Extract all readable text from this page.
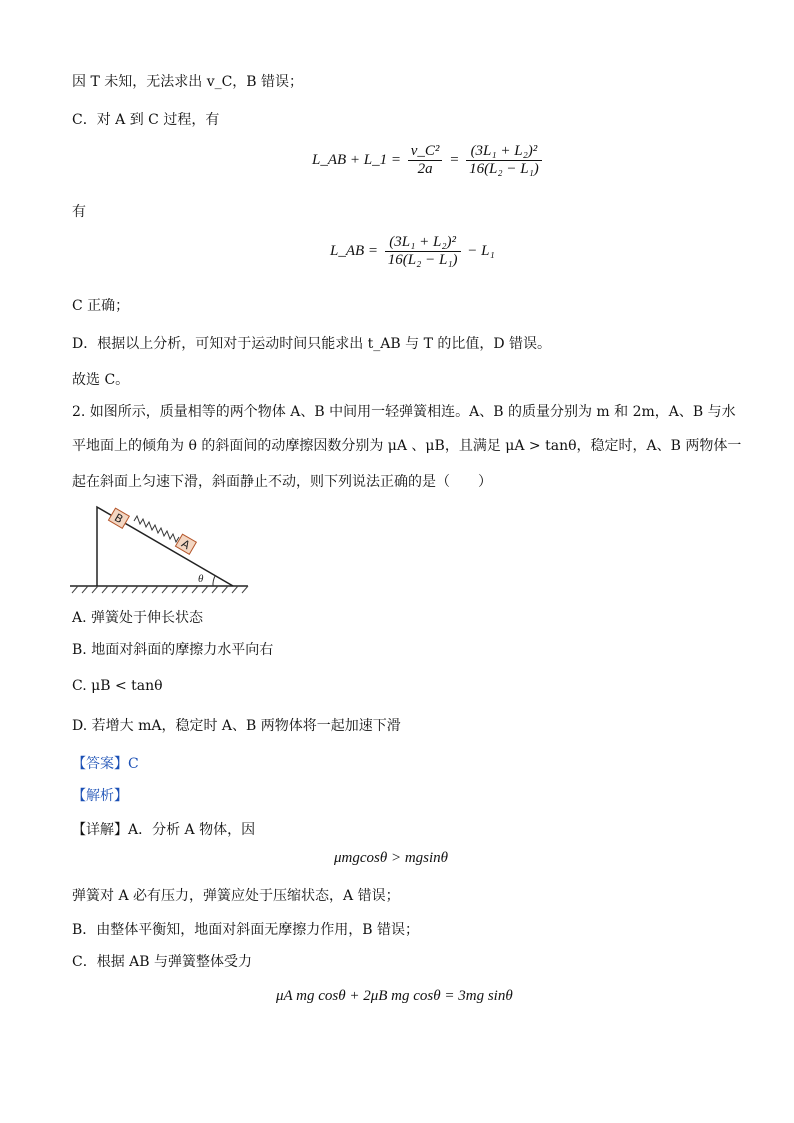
因 T 未知，无法求出 v_C，B 错误；
C．对 A 到 C 过程，有
L_AB + L_1 = $\frac{\text{v\_C²}}{2a} = \frac{\text{(3L₁ + L₂)²}}{\text{16(L₂ − L₁)}}$
有
L_AB = $\frac{\text{(3L₁ + L₂)²}}{\text{16(L₂ − L₁)}} - L_1$
C 正确；
D．根据以上分析，可知对于运动时间只能求出 t_AB 与 T 的比值，D 错误。
故选 C。
2. 如图所示，质量相等的两个物体 A、B 中间用一轻弹簧相连。A、B 的质量分别为 m 和 2m，A、B 与水
平地面上的倾角为 θ 的斜面间的动摩擦因数分别为 μA 、μB，且满足 μA > tanθ，稳定时，A、B 两物体一
起在斜面上匀速下滑，斜面静止不动，则下列说法正确的是（　　）
B
A
θ
A. 弹簧处于伸长状态
B. 地面对斜面的摩擦力水平向右
C. μB < tanθ
D. 若增大 mA，稳定时 A、B 两物体将一起加速下滑
【答案】C
【解析】
【详解】A．分析 A 物体，因
μmgcosθ > mgsinθ
弹簧对 A 必有压力，弹簧应处于压缩状态，A 错误；
B．由整体平衡知，地面对斜面无摩擦力作用，B 错误；
C．根据 AB 与弹簧整体受力
μA mg cosθ + 2μB mg cosθ = 3mg sinθ
